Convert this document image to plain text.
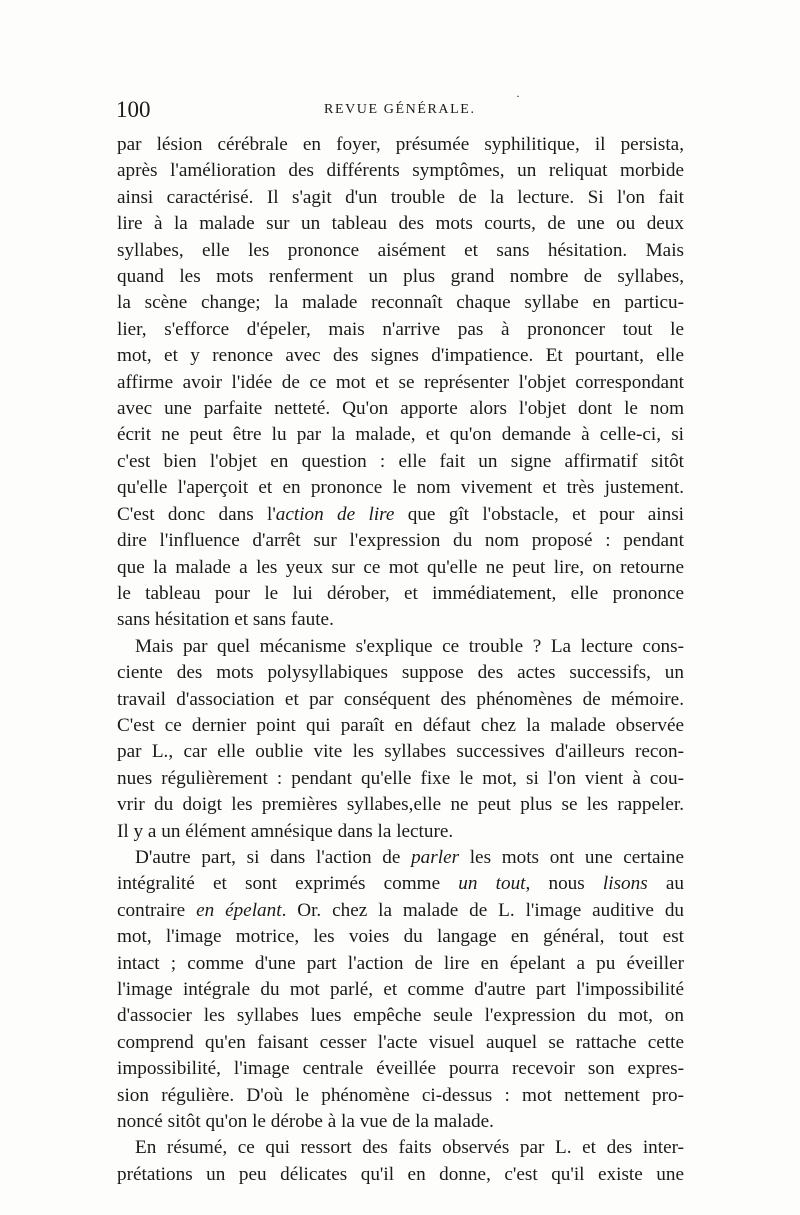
100	REVUE GÉNÉRALE.
·
par lésion cérébrale en foyer, présumée syphilitique, il persista,
après l'amélioration des différents symptômes, un reliquat morbide
ainsi caractérisé. Il s'agit d'un trouble de la lecture. Si l'on fait
lire à la malade sur un tableau des mots courts, de une ou deux
syllabes, elle les prononce aisément et sans hésitation. Mais
quand les mots renferment un plus grand nombre de syllabes,
la scène change; la malade reconnaît chaque syllabe en particu-
lier, s'efforce d'épeler, mais n'arrive pas à prononcer tout le
mot, et y renonce avec des signes d'impatience. Et pourtant, elle
affirme avoir l'idée de ce mot et se représenter l'objet correspondant
avec une parfaite netteté. Qu'on apporte alors l'objet dont le nom
écrit ne peut être lu par la malade, et qu'on demande à celle-ci, si
c'est bien l'objet en question : elle fait un signe affirmatif sitôt
qu'elle l'aperçoit et en prononce le nom vivement et très justement.
C'est donc dans l'action de lire que gît l'obstacle, et pour ainsi
dire l'influence d'arrêt sur l'expression du nom proposé : pendant
que la malade a les yeux sur ce mot qu'elle ne peut lire, on retourne
le tableau pour le lui dérober, et immédiatement, elle prononce
sans hésitation et sans faute.
Mais par quel mécanisme s'explique ce trouble ? La lecture cons-
ciente des mots polysyllabiques suppose des actes successifs, un
travail d'association et par conséquent des phénomènes de mémoire.
C'est ce dernier point qui paraît en défaut chez la malade observée
par L., car elle oublie vite les syllabes successives d'ailleurs recon-
nues régulièrement : pendant qu'elle fixe le mot, si l'on vient à cou-
vrir du doigt les premières syllabes,elle ne peut plus se les rappeler.
Il y a un élément amnésique dans la lecture.
D'autre part, si dans l'action de parler les mots ont une certaine
intégralité et sont exprimés comme un tout, nous lisons au
contraire en épelant. Or. chez la malade de L. l'image auditive du
mot, l'image motrice, les voies du langage en général, tout est
intact ; comme d'une part l'action de lire en épelant a pu éveiller
l'image intégrale du mot parlé, et comme d'autre part l'impossibilité
d'associer les syllabes lues empêche seule l'expression du mot, on
comprend qu'en faisant cesser l'acte visuel auquel se rattache cette
impossibilité, l'image centrale éveillée pourra recevoir son expres-
sion régulière. D'où le phénomène ci-dessus : mot nettement pro-
noncé sitôt qu'on le dérobe à la vue de la malade.
En résumé, ce qui ressort des faits observés par L. et des inter-
prétations un peu délicates qu'il en donne, c'est qu'il existe une
